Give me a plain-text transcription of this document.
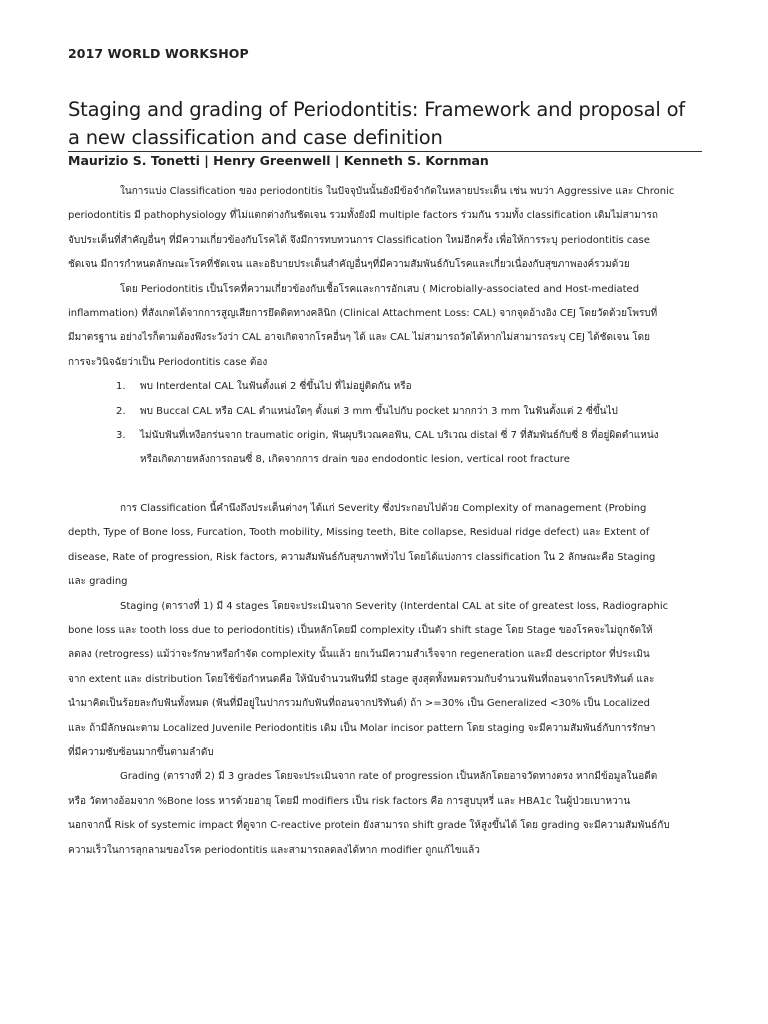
2017 WORLD WORKSHOP
Staging and grading of Periodontitis: Framework and proposal of
a new classification and case definition
Maurizio S. Tonetti | Henry Greenwell | Kenneth S. Kornman
ในการแบ่ง Classification ของ periodontitis ในปัจจุบันนั้นยังมีข้อจำกัดในหลายประเด็น เช่น พบว่า Aggressive และ Chronic
periodontitis มี pathophysiology ที่ไม่แตกต่างกันชัดเจน รวมทั้งยังมี multiple factors ร่วมกัน รวมทั้ง classification เดิมไม่สามารถ
จับประเด็นที่สำคัญอื่นๆ ที่มีความเกี่ยวข้องกับโรคได้ จึงมีการทบทวนการ Classification ใหม่อีกครั้ง เพื่อให้การระบุ periodontitis case
ชัดเจน มีการกำหนดลักษณะโรคที่ชัดเจน และอธิบายประเด็นสำคัญอื่นๆที่มีความสัมพันธ์กับโรคและเกี่ยวเนื่องกับสุขภาพองค์รวมด้วย
โดย Periodontitis เป็นโรคที่ความเกี่ยวข้องกับเชื้อโรคและการอักเสบ ( Microbially-associated and Host-mediated
inflammation) ที่สังเกตได้จากการสูญเสียการยึดติดทางคลินิก (Clinical Attachment Loss: CAL) จากจุดอ้างอิง CEJ โดยวัดด้วยโพรบที่
มีมาตรฐาน อย่างไรก็ตามต้องพึงระวังว่า CAL อาจเกิดจากโรคอื่นๆ ได้ และ CAL ไม่สามารถวัดได้หากไม่สามารถระบุ CEJ ได้ชัดเจน โดย
การจะวินิจฉัยว่าเป็น Periodontitis case ต้อง
1.	พบ Interdental CAL ในฟันตั้งแต่ 2 ซี่ขึ้นไป ที่ไม่อยู่ติดกัน หรือ
2.	พบ Buccal CAL หรือ CAL ตำแหน่งใดๆ ตั้งแต่ 3 mm ขึ้นไปกับ pocket มากกว่า 3 mm ในฟันตั้งแต่ 2 ซี่ขึ้นไป
3.	ไม่นับฟันที่เหงือกร่นจาก traumatic origin, ฟันผุบริเวณคอฟัน, CAL บริเวณ distal ซี่ 7 ที่สัมพันธ์กับซี่ 8 ที่อยู่ผิดตำแหน่ง
หรือเกิดภายหลังการถอนซี่ 8, เกิดจากการ drain ของ endodontic lesion, vertical root fracture
การ Classification นี้คำนึงถึงประเด็นต่างๆ ได้แก่ Severity ซึ่งประกอบไปด้วย Complexity of management (Probing
depth, Type of Bone loss, Furcation, Tooth mobility, Missing teeth, Bite collapse, Residual ridge defect) และ Extent of
disease, Rate of progression, Risk factors, ความสัมพันธ์กับสุขภาพทั่วไป โดยได้แบ่งการ classification ใน 2 ลักษณะคือ Staging
และ grading
Staging (ตารางที่ 1) มี 4 stages โดยจะประเมินจาก Severity (Interdental CAL at site of greatest loss, Radiographic
bone loss และ tooth loss due to periodontitis) เป็นหลักโดยมี complexity เป็นตัว shift stage โดย Stage ของโรคจะไม่ถูกจัดให้
ลดลง (retrogress) แม้ว่าจะรักษาหรือกำจัด complexity นั้นแล้ว ยกเว้นมีความสำเร็จจาก regeneration และมี descriptor ที่ประเมิน
จาก extent และ distribution โดยใช้ข้อกำหนดคือ ให้นับจำนวนฟันที่มี stage สูงสุดทั้งหมดรวมกับจำนวนฟันที่ถอนจากโรคปริทันต์ และ
นำมาคิดเป็นร้อยละกับฟันทั้งหมด (ฟันที่มีอยู่ในปากรวมกับฟันที่ถอนจากปริทันต์) ถ้า >=30% เป็น Generalized <30% เป็น Localized
และ ถ้ามีลักษณะตาม Localized Juvenile Periodontitis เดิม เป็น Molar incisor pattern โดย staging จะมีความสัมพันธ์กับการรักษา
ที่มีความซับซ้อนมากขึ้นตามลำดับ
Grading (ตารางที่ 2) มี 3 grades โดยจะประเมินจาก rate of progression เป็นหลักโดยอาจวัดทางตรง หากมีข้อมูลในอดีต
หรือ วัดทางอ้อมจาก %Bone loss หารด้วยอายุ โดยมี modifiers เป็น risk factors คือ การสูบบุหรี่ และ HBA1c ในผู้ป่วยเบาหวาน
นอกจากนี้ Risk of systemic impact ที่ดูจาก C-reactive protein ยังสามารถ shift grade ให้สูงขึ้นได้ โดย grading จะมีความสัมพันธ์กับ
ความเร็วในการลุกลามของโรค periodontitis และสามารถลดลงได้หาก modifier ถูกแก้ไขแล้ว
